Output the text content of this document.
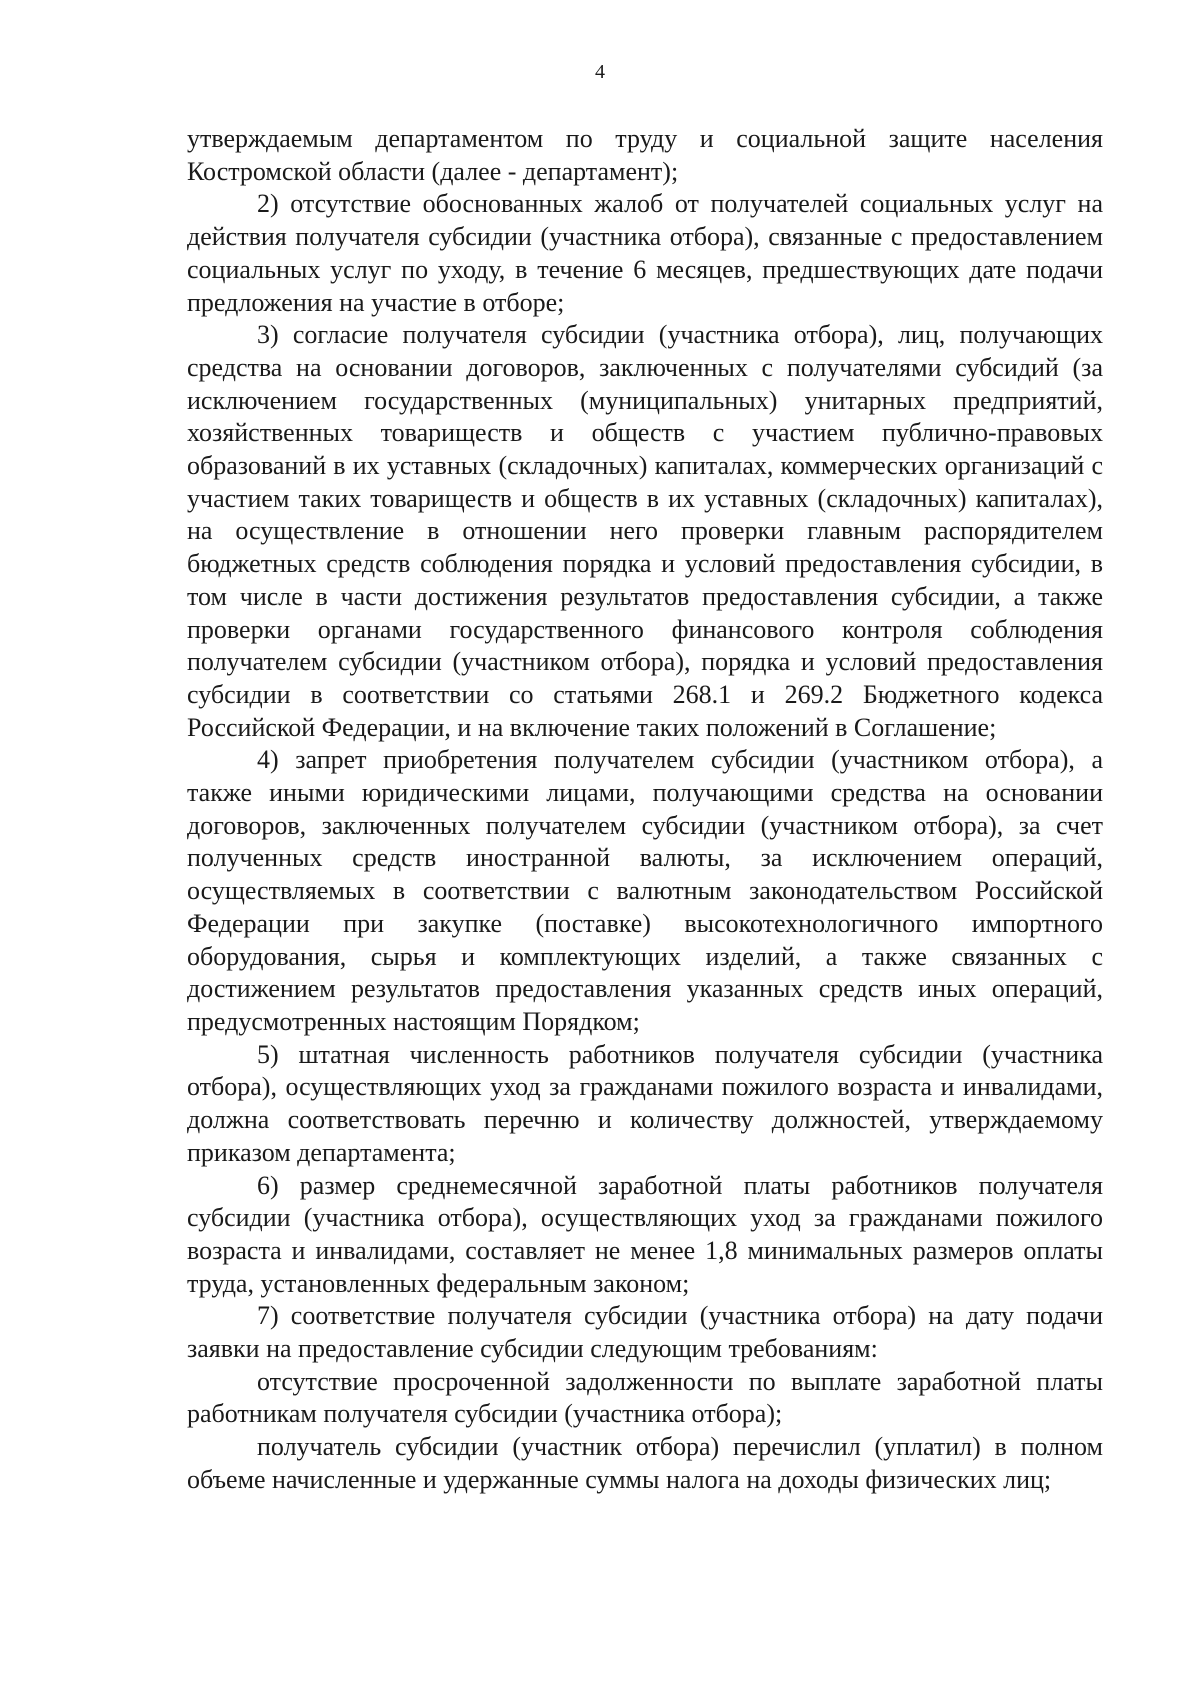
4

утверждаемым департаментом по труду и социальной защите населения Костромской области (далее - департамент);

2) отсутствие обоснованных жалоб от получателей социальных услуг на действия получателя субсидии (участника отбора), связанные с предоставлением социальных услуг по уходу, в течение 6 месяцев, предшествующих дате подачи предложения на участие в отборе;

3) согласие получателя субсидии (участника отбора), лиц, получающих средства на основании договоров, заключенных с получателями субсидий (за исключением государственных (муниципальных) унитарных предприятий, хозяйственных товариществ и обществ с участием публично-правовых образований в их уставных (складочных) капиталах, коммерческих организаций с участием таких товариществ и обществ в их уставных (складочных) капиталах), на осуществление в отношении него проверки главным распорядителем бюджетных средств соблюдения порядка и условий предоставления субсидии, в том числе в части достижения результатов предоставления субсидии, а также проверки органами государственного финансового контроля соблюдения получателем субсидии (участником отбора), порядка и условий предоставления субсидии в соответствии со статьями 268.1 и 269.2 Бюджетного кодекса Российской Федерации, и на включение таких положений в Соглашение;

4) запрет приобретения получателем субсидии (участником отбора), а также иными юридическими лицами, получающими средства на основании договоров, заключенных получателем субсидии (участником отбора), за счет полученных средств иностранной валюты, за исключением операций, осуществляемых в соответствии с валютным законодательством Российской Федерации при закупке (поставке) высокотехнологичного импортного оборудования, сырья и комплектующих изделий, а также связанных с достижением результатов предоставления указанных средств иных операций, предусмотренных настоящим Порядком;

5) штатная численность работников получателя субсидии (участника отбора), осуществляющих уход за гражданами пожилого возраста и инвалидами, должна соответствовать перечню и количеству должностей, утверждаемому приказом департамента;

6) размер среднемесячной заработной платы работников получателя субсидии (участника отбора), осуществляющих уход за гражданами пожилого возраста и инвалидами, составляет не менее 1,8 минимальных размеров оплаты труда, установленных федеральным законом;

7) соответствие получателя субсидии (участника отбора) на дату подачи заявки на предоставление субсидии следующим требованиям:

отсутствие просроченной задолженности по выплате заработной платы работникам получателя субсидии (участника отбора);

получатель субсидии (участник отбора) перечислил (уплатил) в полном объеме начисленные и удержанные суммы налога на доходы физических лиц;
